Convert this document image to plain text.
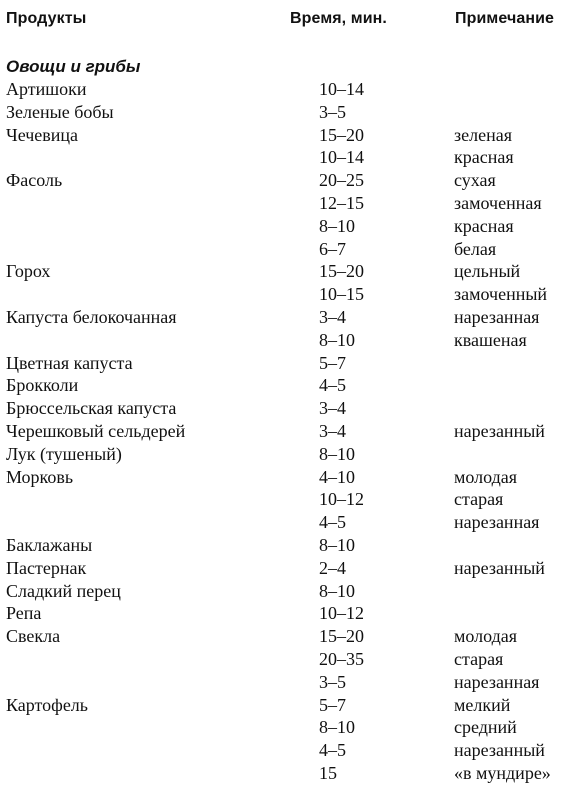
Продукты	Время, мин.	Примечание
Овощи и грибы
Артишоки	10–14
Зеленые бобы	3–5
Чечевица	15–20	зеленая
10–14	красная
Фасоль	20–25	сухая
12–15	замоченная
8–10	красная
6–7	белая
Горох	15–20	цельный
10–15	замоченный
Капуста белокочанная	3–4	нарезанная
8–10	квашеная
Цветная капуста	5–7
Брокколи	4–5
Брюссельская капуста	3–4
Черешковый сельдерей	3–4	нарезанный
Лук (тушеный)	8–10
Морковь	4–10	молодая
10–12	старая
4–5	нарезанная
Баклажаны	8–10
Пастернак	2–4	нарезанный
Сладкий перец	8–10
Репа	10–12
Свекла	15–20	молодая
20–35	старая
3–5	нарезанная
Картофель	5–7	мелкий
8–10	средний
4–5	нарезанный
15	«в мундире»
